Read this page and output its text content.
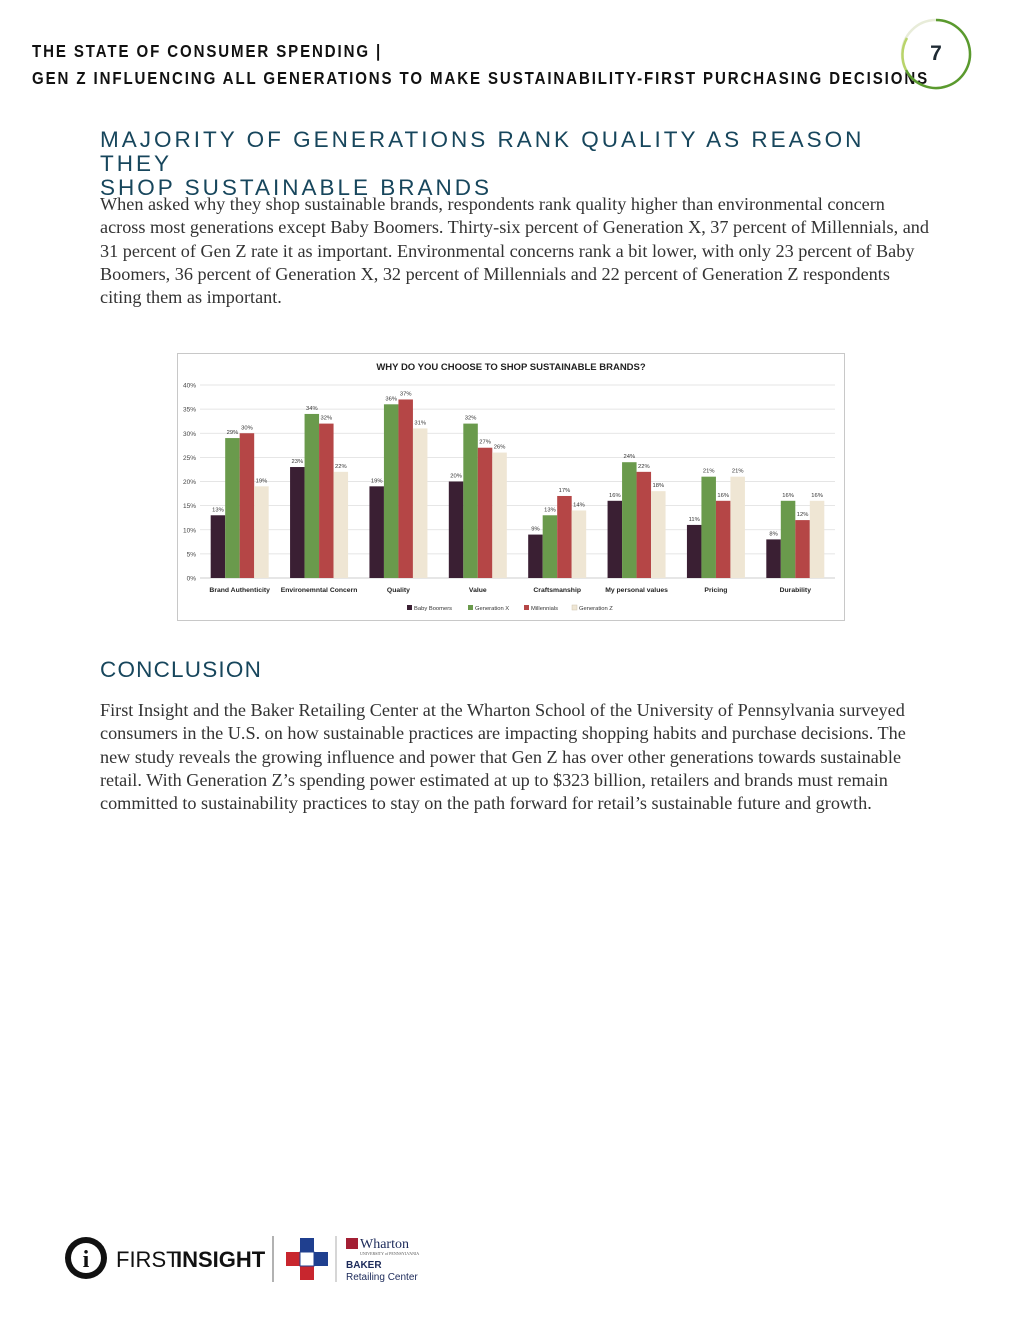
THE STATE OF CONSUMER SPENDING |
GEN Z INFLUENCING ALL GENERATIONS TO MAKE SUSTAINABILITY-FIRST PURCHASING DECISIONS
7
MAJORITY OF GENERATIONS RANK QUALITY AS REASON THEY
SHOP SUSTAINABLE BRANDS

When asked why they shop sustainable brands, respondents rank quality higher than environmental concern across most generations except Baby Boomers. Thirty-six percent of Generation X, 37 percent of Millennials, and 31 percent of Gen Z rate it as important. Environmental concerns rank a bit lower, with only 23 percent of Baby Boomers, 36 percent of Generation X, 32 percent of Millennials and 22 percent of Generation Z respondents citing them as important.

WHY DO YOU CHOOSE TO SHOP SUSTAINABLE BRANDS?
0%
5%
10%
15%
20%
25%
30%
35%
40%
13%
29%
30%
19%
Brand Authenticity
23%
34%
32%
22%
Environemntal Concern
19%
36%
37%
31%
Quality
20%
32%
27%
26%
Value
9%
13%
17%
14%
Craftsmanship
16%
24%
22%
18%
My personal values
11%
21%
16%
21%
Pricing
8%
16%
12%
16%
Durability
Baby Boomers	Generation X	Millennials	Generation Z
CONCLUSION

First Insight and the Baker Retailing Center at the Wharton School of the University of Pennsylvania surveyed consumers in the U.S. on how sustainable practices are impacting shopping habits and purchase decisions. The new study reveals the growing influence and power that Gen Z has over other generations towards sustainable retail. With Generation Z’s spending power estimated at up to $323 billion, retailers and brands must remain committed to sustainability practices to stay on the path forward for retail’s sustainable future and growth.

i FIRST
INSIGHT
Wharton
UNIVERSITY of PENNSYLVANIA
BAKER
Retailing Center
